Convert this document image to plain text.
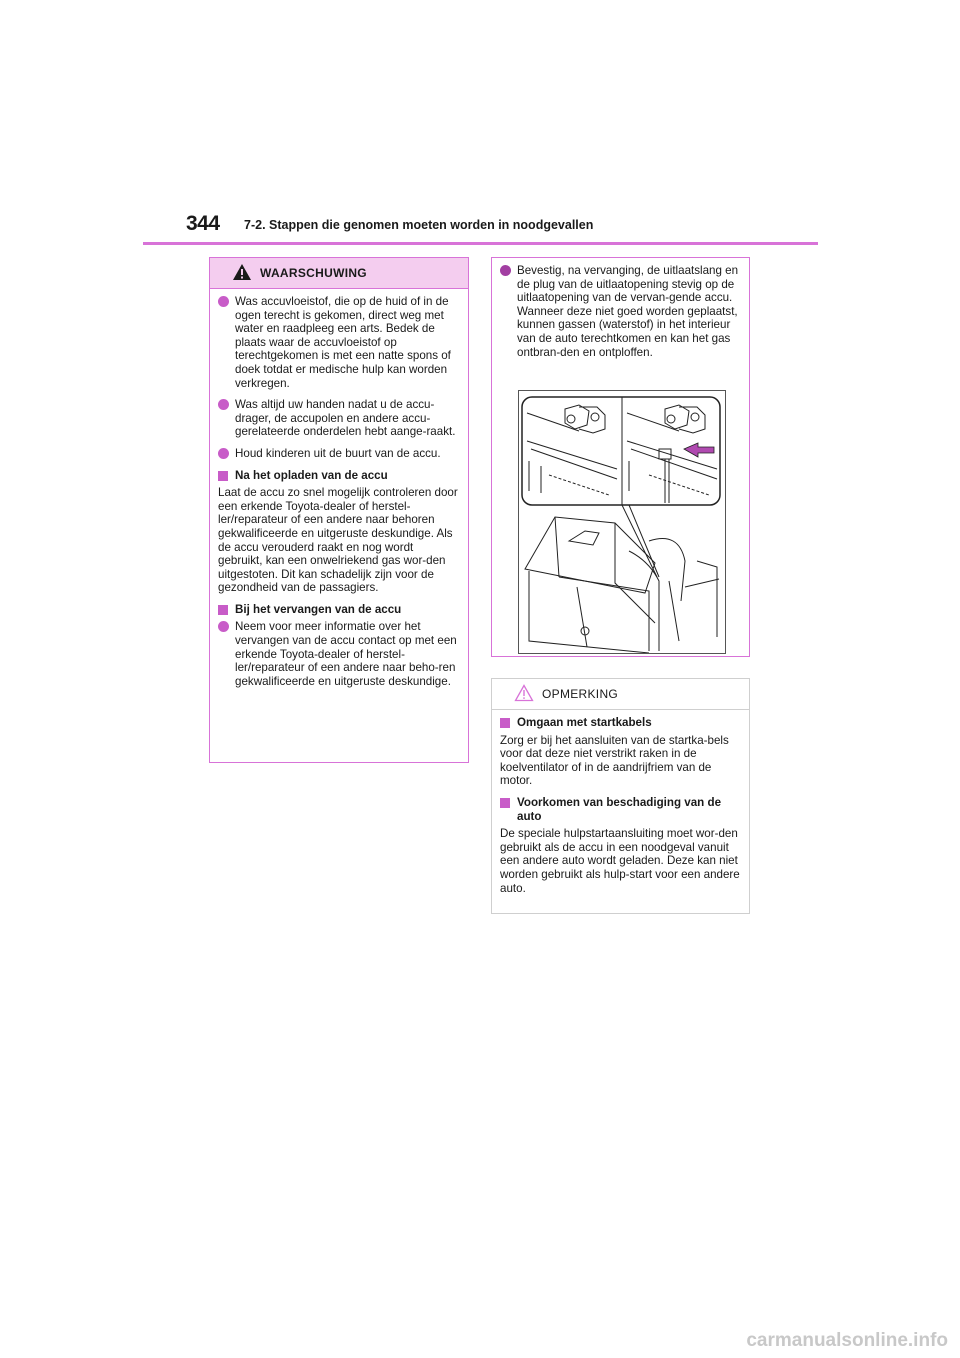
344 7-2. Stappen die genomen moeten worden in noodgevallen
WAARSCHUWING
Was accuvloeistof, die op de huid of in de ogen terecht is gekomen, direct weg met water en raadpleeg een arts. Bedek de plaats waar de accuvloeistof op terechtgekomen is met een natte spons of doek totdat er medische hulp kan worden verkregen.
Was altijd uw handen nadat u de accu-drager, de accupolen en andere accu-gerelateerde onderdelen hebt aange-raakt.
Houd kinderen uit de buurt van de accu.
Na het opladen van de accu
Laat de accu zo snel mogelijk controleren door een erkende Toyota-dealer of herstel-ler/reparateur of een andere naar behoren gekwalificeerde en uitgeruste deskundige. Als de accu verouderd raakt en nog wordt gebruikt, kan een onwelriekend gas wor-den uitgestoten. Dit kan schadelijk zijn voor de gezondheid van de passagiers.
Bij het vervangen van de accu
Neem voor meer informatie over het vervangen van de accu contact op met een erkende Toyota-dealer of herstel-ler/reparateur of een andere naar beho-ren gekwalificeerde en uitgeruste deskundige.
Bevestig, na vervanging, de uitlaatslang en de plug van de uitlaatopening stevig op de uitlaatopening van de vervan-gende accu. Wanneer deze niet goed worden geplaatst, kunnen gassen (waterstof) in het interieur van de auto terechtkomen en kan het gas ontbran-den en ontploffen.
OPMERKING
Omgaan met startkabels
Zorg er bij het aansluiten van de startka-bels voor dat deze niet verstrikt raken in de koelventilator of in de aandrijfriem van de motor.
Voorkomen van beschadiging van de auto
De speciale hulpstartaansluiting moet wor-den gebruikt als de accu in een noodgeval vanuit een andere auto wordt geladen. Deze kan niet worden gebruikt als hulp-start voor een andere auto.
carmanualsonline.info
